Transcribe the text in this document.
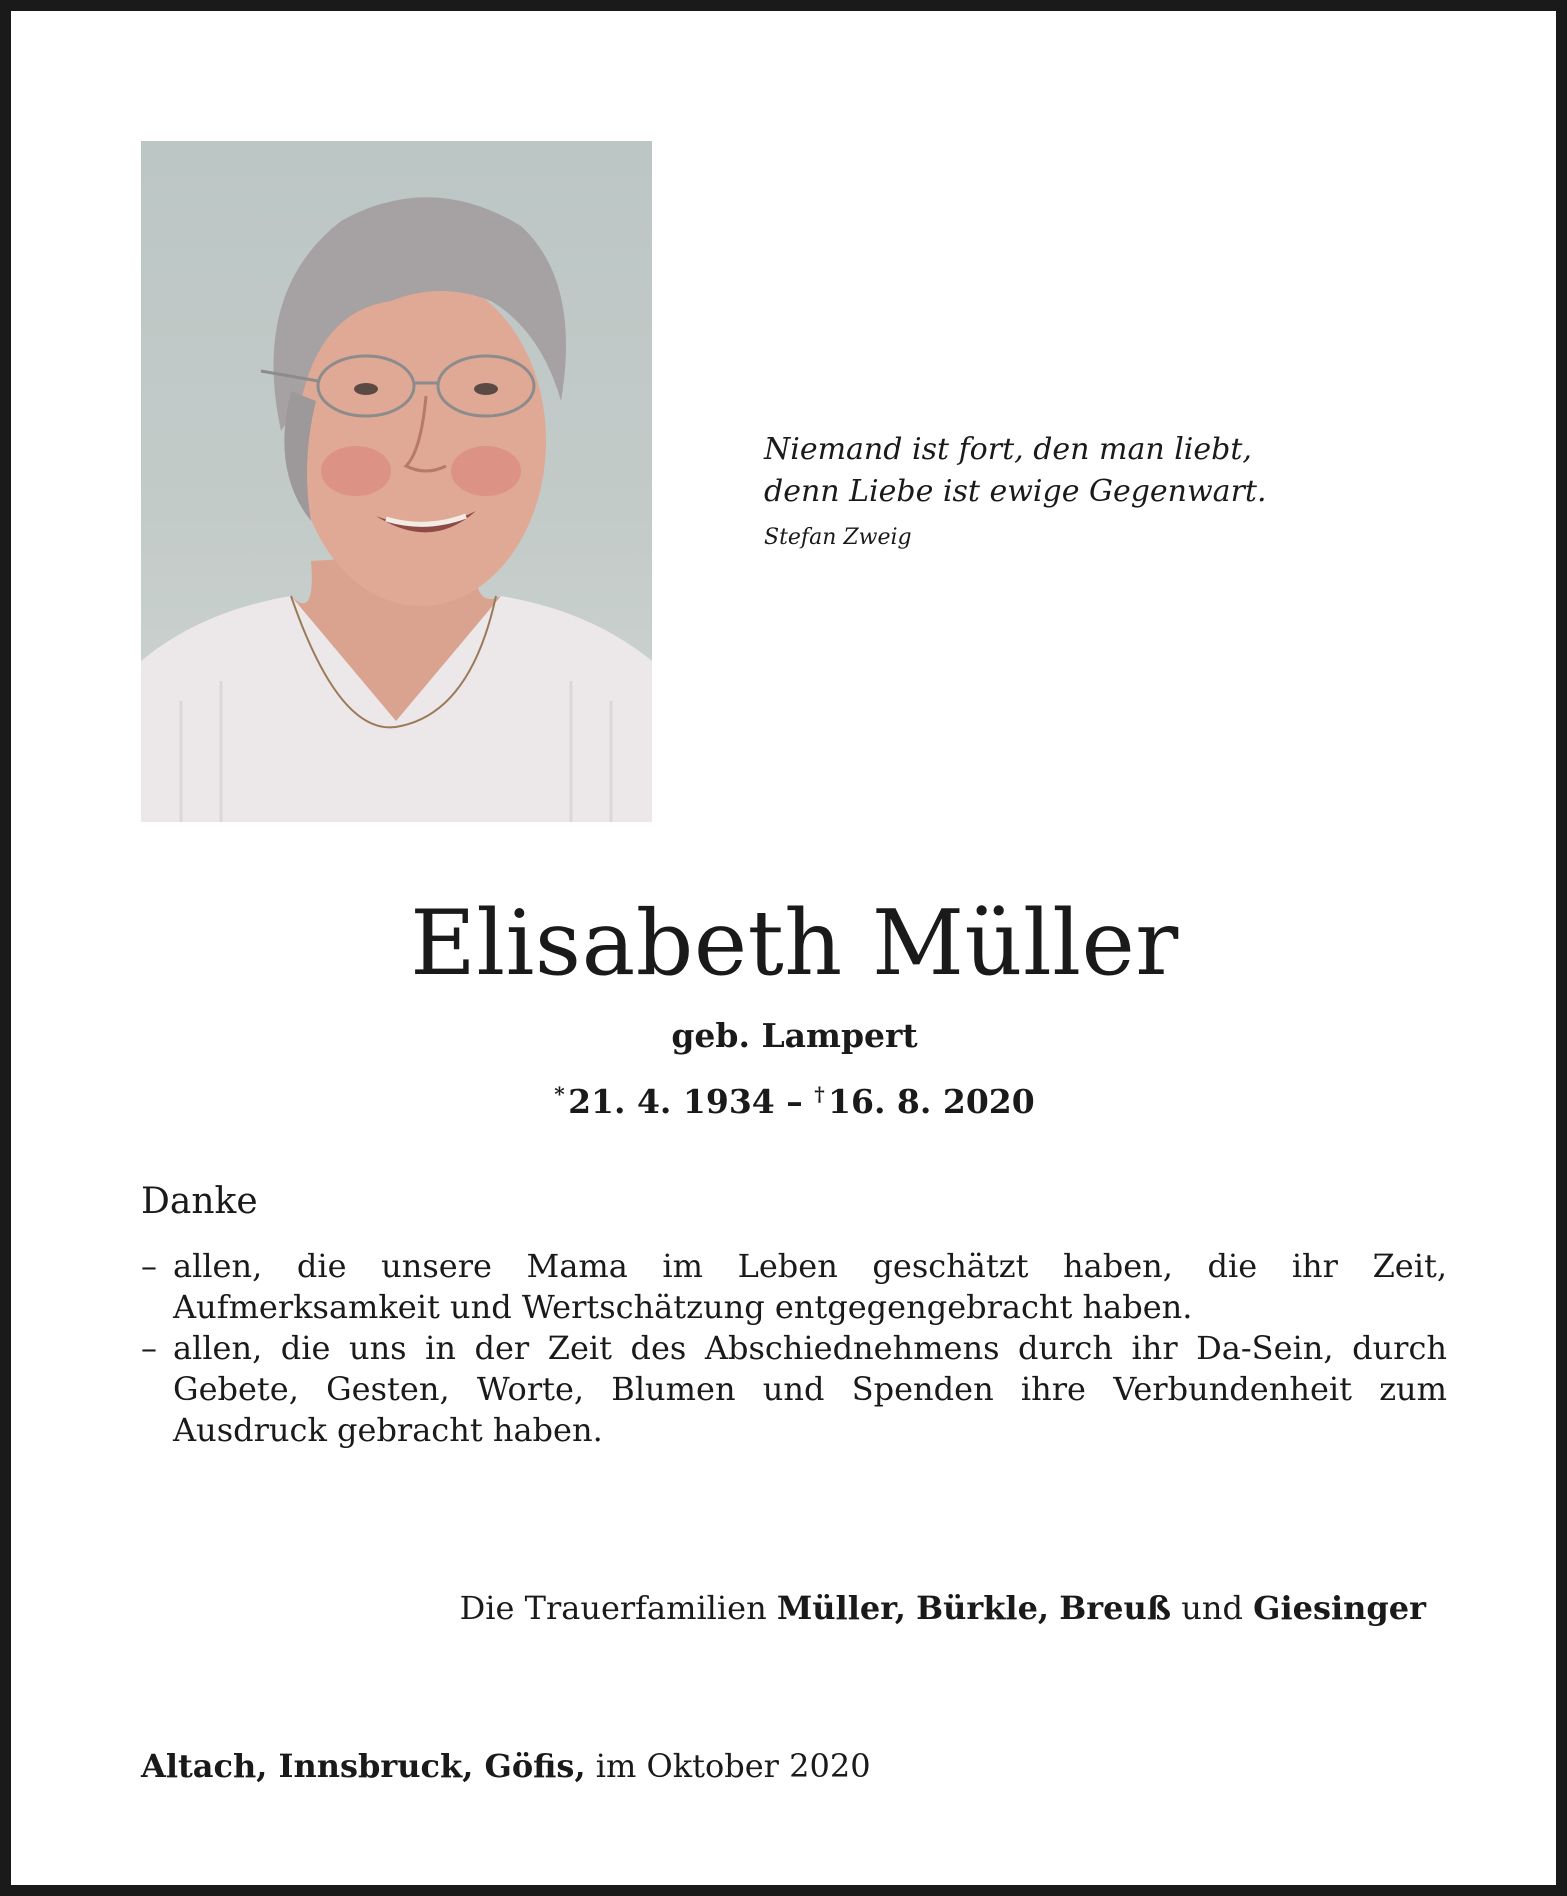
Niemand ist fort, den man liebt,
denn Liebe ist ewige Gegenwart.
Stefan Zweig
Elisabeth Müller
geb. Lampert
* 21. 4. 1934 – † 16. 8. 2020
Danke
– allen, die unsere Mama im Leben geschätzt haben, die ihr Zeit, Aufmerksamkeit und Wertschätzung entgegengebracht haben.
– allen, die uns in der Zeit des Abschiednehmens durch ihr Da-Sein, durch Gebete, Gesten, Worte, Blumen und Spenden ihre Verbundenheit zum Ausdruck gebracht haben.
Die Trauerfamilien Müller, Bürkle, Breuß und Giesinger
Altach, Innsbruck, Göfis, im Oktober 2020
